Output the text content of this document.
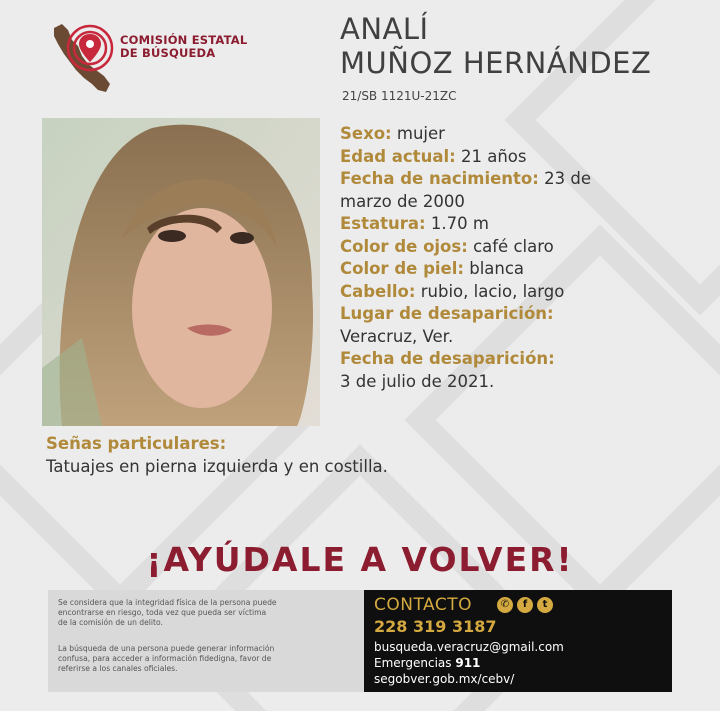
COMISIÓN ESTATAL
DE BÚSQUEDA
ANALÍ
MUÑOZ HERNÁNDEZ
21/SB 1121U-21ZC
Sexo: mujer
Edad actual: 21 años
Fecha de nacimiento: 23 de
marzo de 2000
Estatura: 1.70 m
Color de ojos: café claro
Color de piel: blanca
Cabello: rubio, lacio, largo
Lugar de desaparición:
Veracruz, Ver.
Fecha de desaparición:
3 de julio de 2021.
Señas particulares:
Tatuajes en pierna izquierda y en costilla.
¡AYÚDALE A VOLVER!

Se considera que la integridad física de la persona puede

encontrarse en riesgo, toda vez que pueda ser víctima

de la comisión de un delito.

La búsqueda de una persona puede generar información

confusa, para acceder a información fidedigna, favor de

referirse a los canales oficiales.

CONTACTO	✆	f	t
228 319 3187
busqueda.veracruz@gmail.com
Emergencias 911
segobver.gob.mx/cebv/
